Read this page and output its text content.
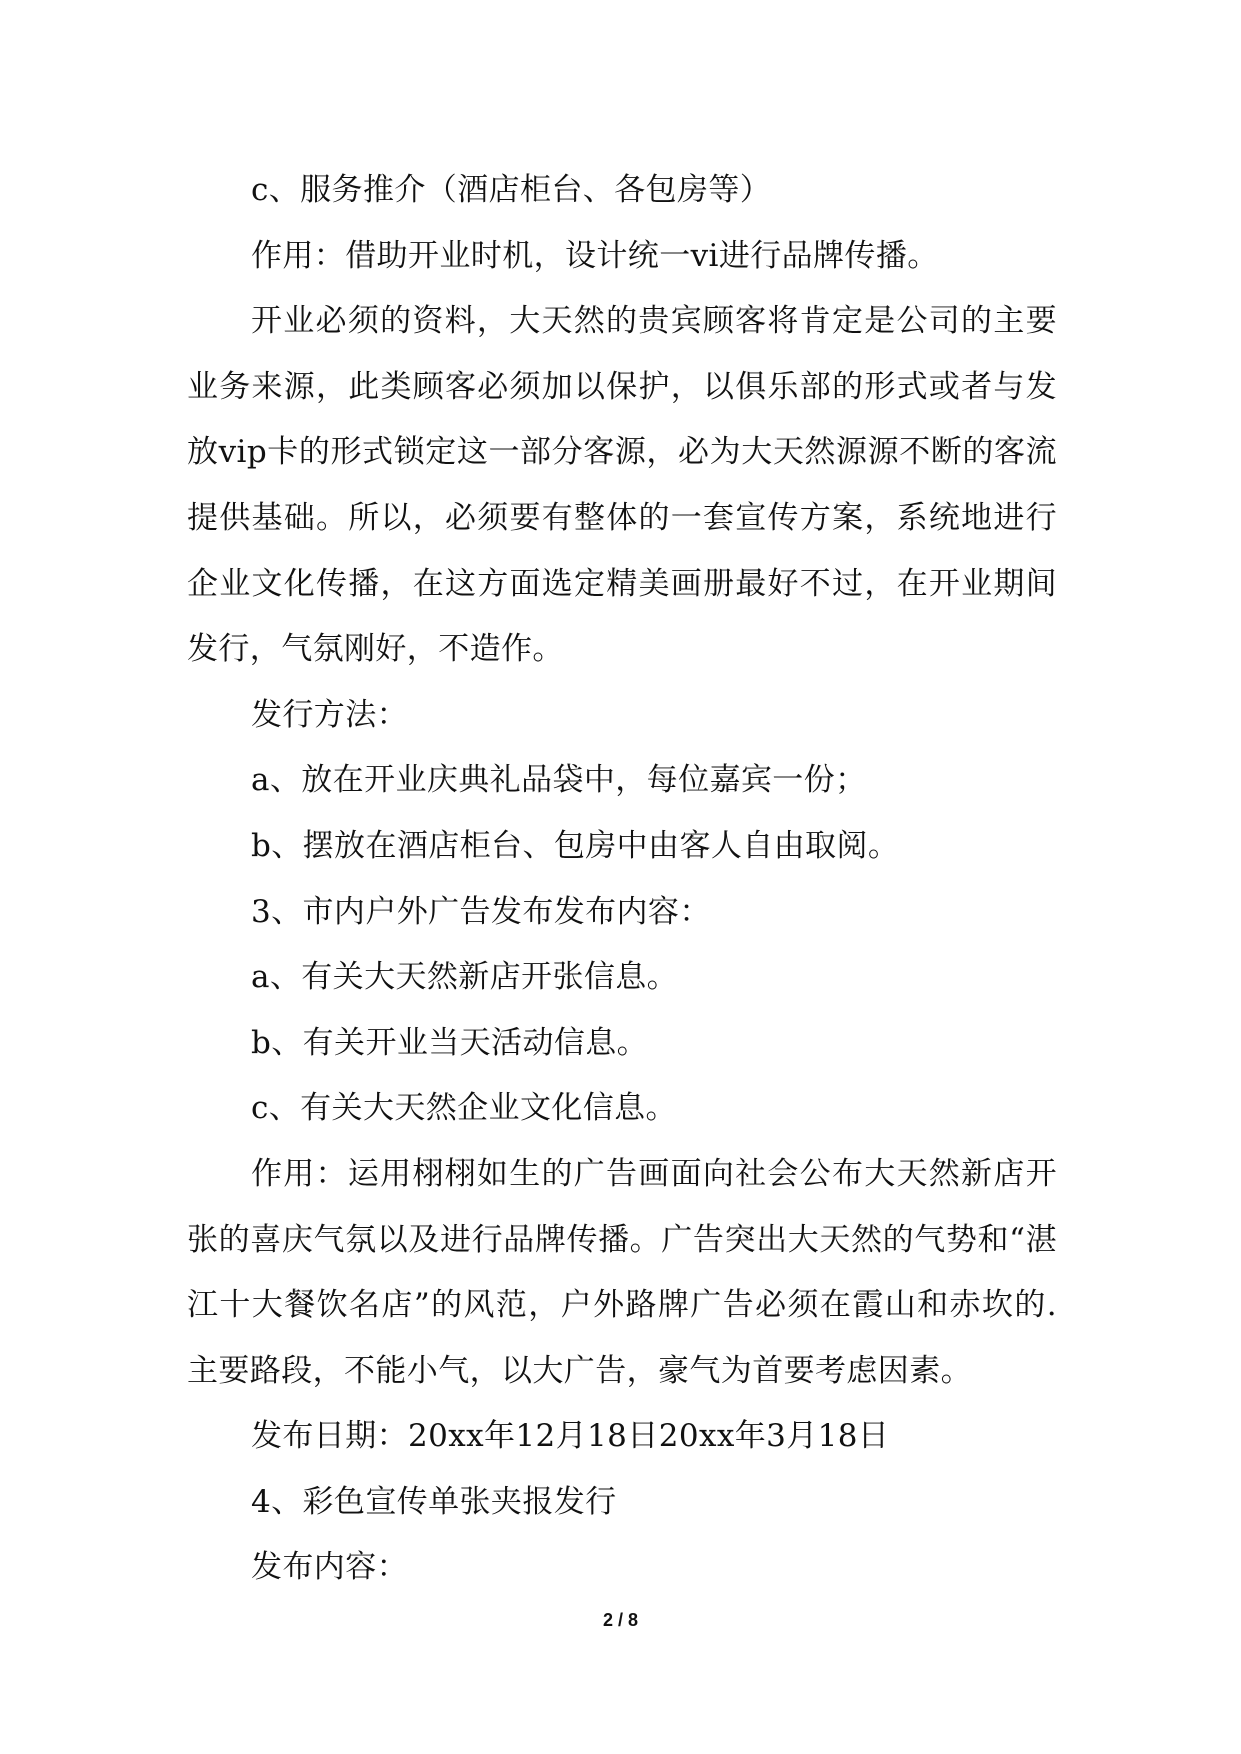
c、服务推介（酒店柜台、各包房等）

作用：借助开业时机，设计统一vi进行品牌传播。

开业必须的资料，大天然的贵宾顾客将肯定是公司的主要业务来源，此类顾客必须加以保护，以俱乐部的形式或者与发放vip卡的形式锁定这一部分客源，必为大天然源源不断的客流提供基础。所以，必须要有整体的一套宣传方案，系统地进行企业文化传播，在这方面选定精美画册最好不过，在开业期间发行，气氛刚好，不造作。

发行方法：

a、放在开业庆典礼品袋中，每位嘉宾一份；

b、摆放在酒店柜台、包房中由客人自由取阅。

3、市内户外广告发布发布内容：

a、有关大天然新店开张信息。

b、有关开业当天活动信息。

c、有关大天然企业文化信息。

作用：运用栩栩如生的广告画面向社会公布大天然新店开张的喜庆气氛以及进行品牌传播。广告突出大天然的气势和“湛江十大餐饮名店”的风范，户外路牌广告必须在霞山和赤坎的.主要路段，不能小气，以大广告，豪气为首要考虑因素。

发布日期：20xx年12月18日20xx年3月18日

4、彩色宣传单张夹报发行

发布内容：

2 / 8
